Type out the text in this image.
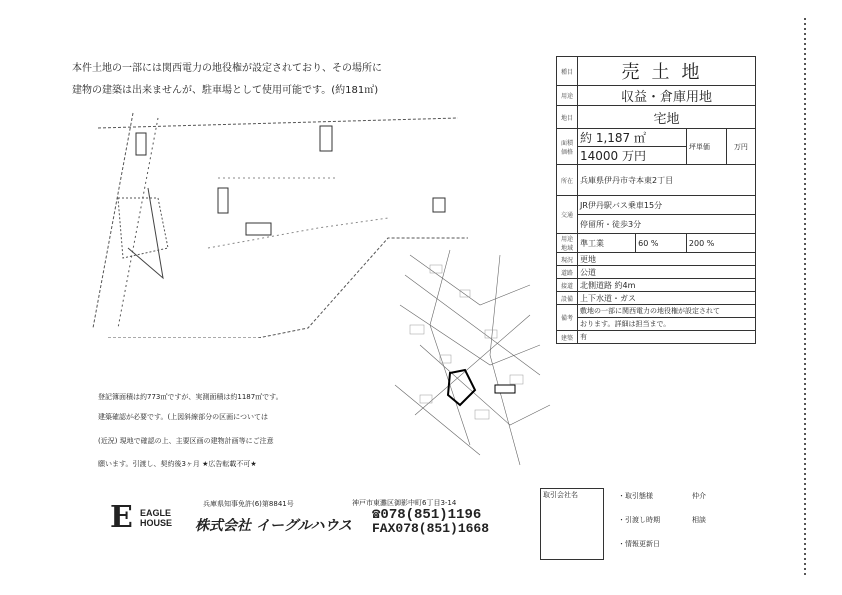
本件土地の一部には関西電力の地役権が設定されており、その場所に
建物の建築は出来ませんが、駐車場として使用可能です。(約181㎡)
登記簿面積は約773㎡ですが、実測面積は約1187㎡です。
建築確認が必要です。(上図斜線部分の区画については
(近況) 現地で確認の上、主要区画の建物計画等にご注意
願います。引渡し、契約後3ヶ月 ★広告転載不可★
種目	売土地			
用途	収益・倉庫用地			
地目	宅地			
面積価格	約 1,187 ㎡		坪単価	万円
	14000 万円			
所在	兵庫県伊丹市寺本東2丁目			
交通	JR伊丹駅バス乗車15分			
	停留所・徒歩3分			
用途地域	準工業	60 %	200 %	
現況	更地			
道路	公道			
接道	北側道路 約4m			
設備	上下水道・ガス			
備考	敷地の一部に関西電力の地役権が設定されて			
	おります。詳細は担当まで。			
建築	有			
兵庫県知事免許(6)第8841号	神戸市東灘区御影中町6丁目3-14
E EAGLE HOUSE	株式会社 イーグルハウス
☎078(851)1196
FAX078(851)1668
取引会社名	・取引態様	仲介
・引渡し時期	相談
・情報更新日
